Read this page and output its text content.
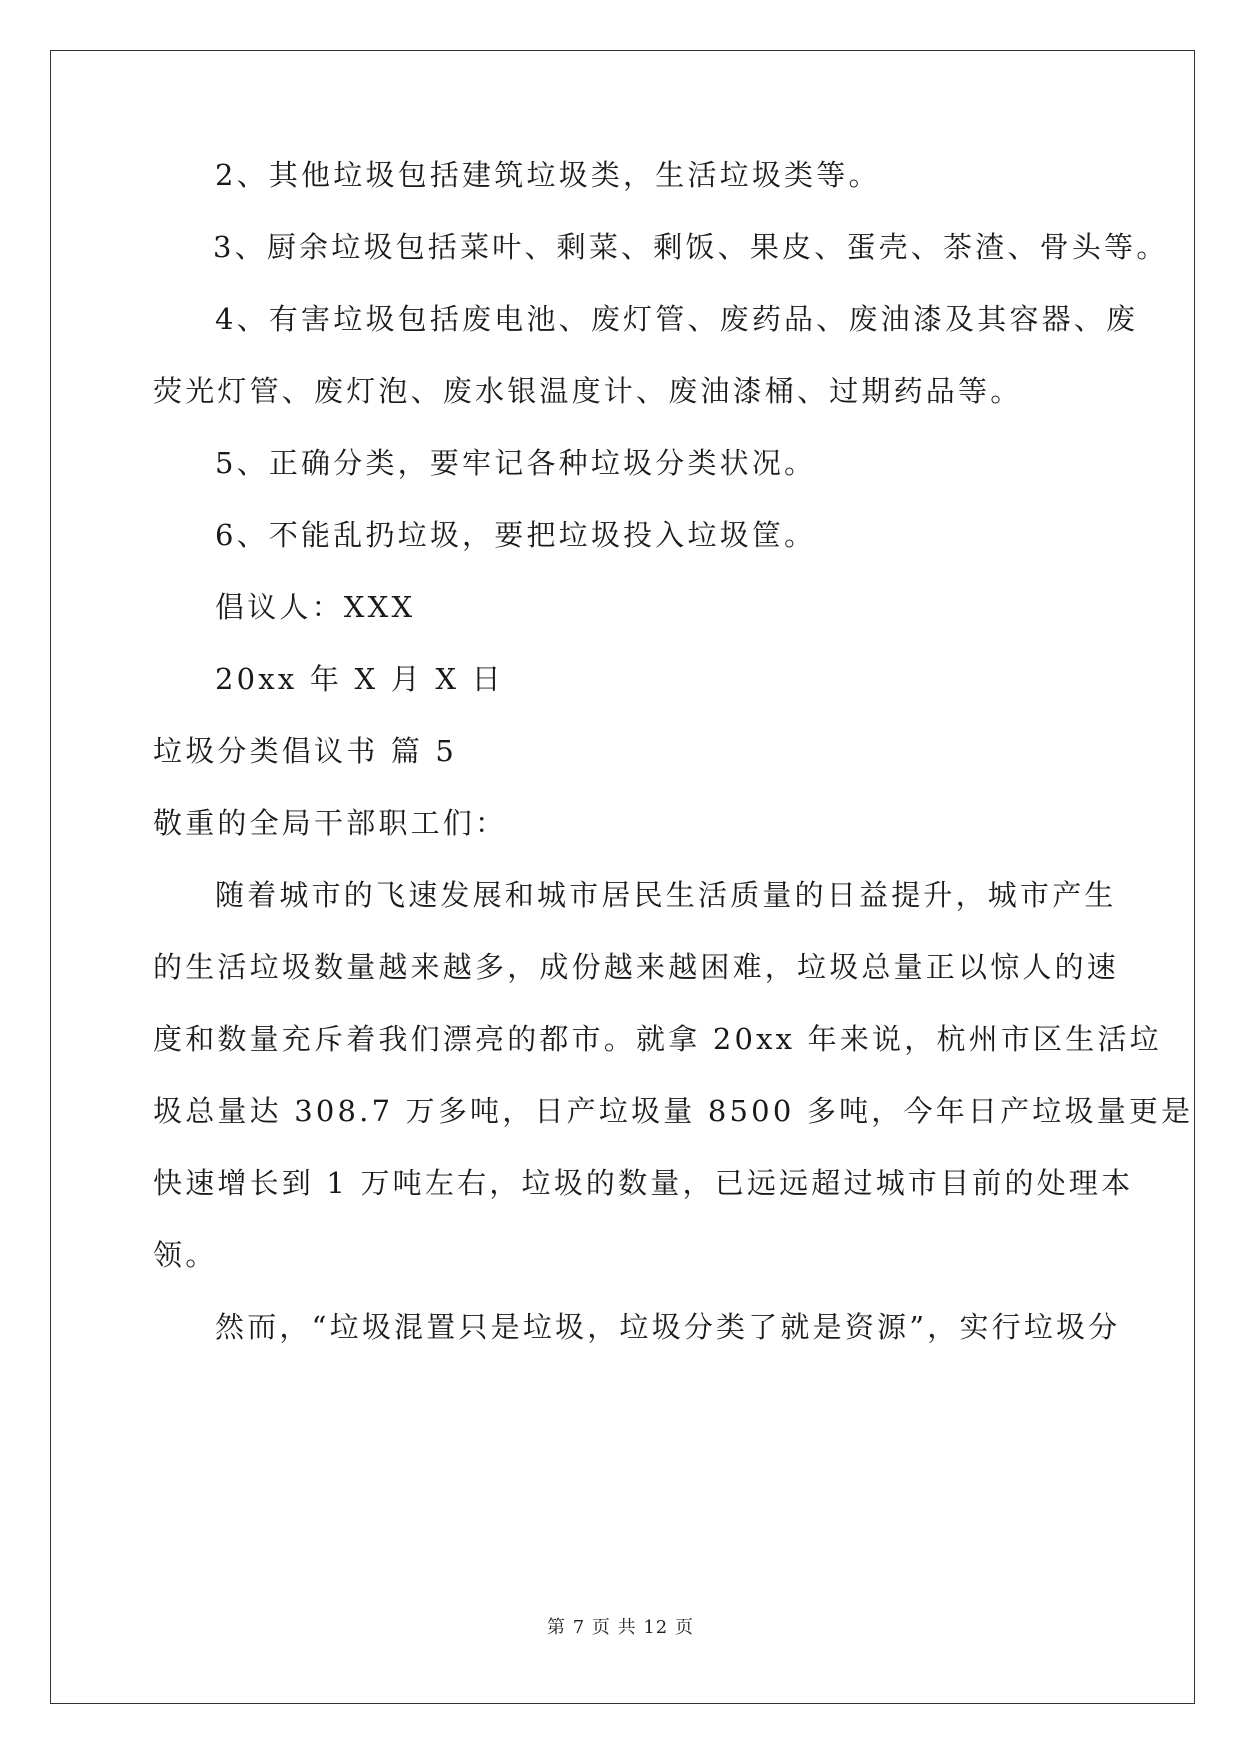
2、其他垃圾包括建筑垃圾类，生活垃圾类等。
3、厨余垃圾包括菜叶、剩菜、剩饭、果皮、蛋壳、茶渣、骨头等。
4、有害垃圾包括废电池、废灯管、废药品、废油漆及其容器、废
荧光灯管、废灯泡、废水银温度计、废油漆桶、过期药品等。
5、正确分类，要牢记各种垃圾分类状况。
6、不能乱扔垃圾，要把垃圾投入垃圾筐。
倡议人：XXX
20xx 年 X 月 X 日
垃圾分类倡议书 篇 5
敬重的全局干部职工们：
随着城市的飞速发展和城市居民生活质量的日益提升，城市产生
的生活垃圾数量越来越多，成份越来越困难，垃圾总量正以惊人的速
度和数量充斥着我们漂亮的都市。就拿 20xx 年来说，杭州市区生活垃
圾总量达 308.7 万多吨，日产垃圾量 8500 多吨，今年日产垃圾量更是
快速增长到 1 万吨左右，垃圾的数量，已远远超过城市目前的处理本
领。
然而，“垃圾混置只是垃圾，垃圾分类了就是资源”，实行垃圾分
第 7 页 共 12 页
